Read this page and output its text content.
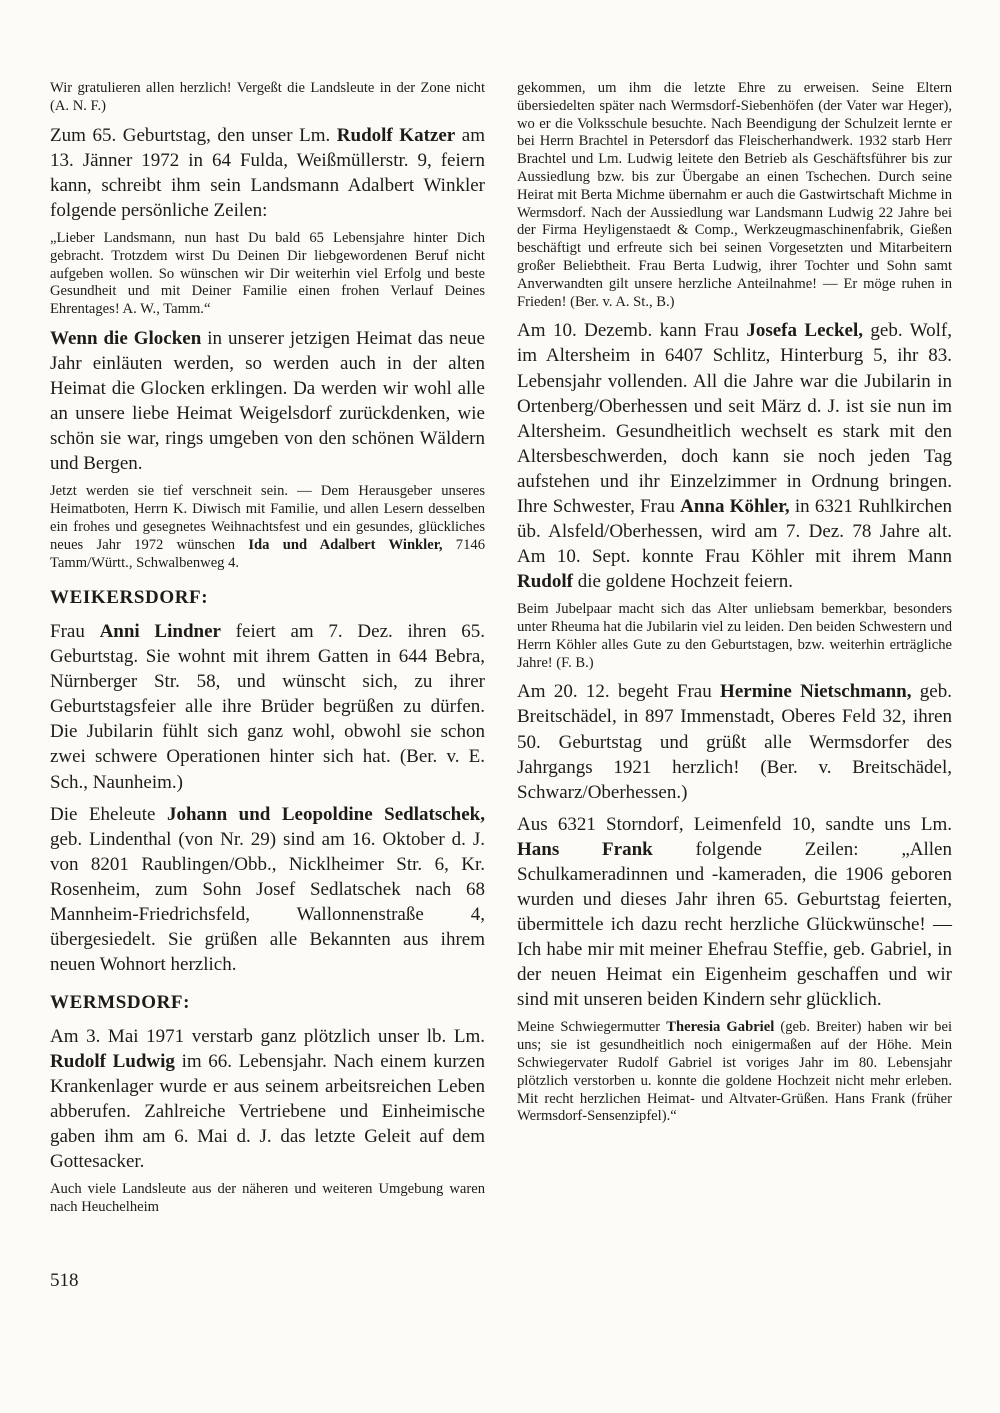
Wir gratulieren allen herzlich! Vergeßt die Landsleute in der Zone nicht (A. N. F.)

Zum 65. Geburtstag, den unser Lm. Rudolf Katzer am 13. Jänner 1972 in 64 Fulda, Weißmüllerstr. 9, feiern kann, schreibt ihm sein Landsmann Adalbert Winkler folgende persönliche Zeilen:

„Lieber Landsmann, nun hast Du bald 65 Lebensjahre hinter Dich gebracht. Trotzdem wirst Du Deinen Dir liebgewordenen Beruf nicht aufgeben wollen. So wünschen wir Dir weiterhin viel Erfolg und beste Gesundheit und mit Deiner Familie einen frohen Verlauf Deines Ehrentages! A. W., Tamm.“

Wenn die Glocken in unserer jetzigen Heimat das neue Jahr einläuten werden, so werden auch in der alten Heimat die Glocken erklingen. Da werden wir wohl alle an unsere liebe Heimat Weigelsdorf zurückdenken, wie schön sie war, rings umgeben von den schönen Wäldern und Bergen.

Jetzt werden sie tief verschneit sein. — Dem Herausgeber unseres Heimatboten, Herrn K. Diwisch mit Familie, und allen Lesern desselben ein frohes und gesegnetes Weihnachtsfest und ein gesundes, glückliches neues Jahr 1972 wünschen Ida und Adalbert Winkler, 7146 Tamm/Württ., Schwalbenweg 4.

WEIKERSDORF:

Frau Anni Lindner feiert am 7. Dez. ihren 65. Geburtstag. Sie wohnt mit ihrem Gatten in 644 Bebra, Nürnberger Str. 58, und wünscht sich, zu ihrer Geburtstagsfeier alle ihre Brüder begrüßen zu dürfen. Die Jubilarin fühlt sich ganz wohl, obwohl sie schon zwei schwere Operationen hinter sich hat. (Ber. v. E. Sch., Naunheim.)

Die Eheleute Johann und Leopoldine Sedlatschek, geb. Lindenthal (von Nr. 29) sind am 16. Oktober d. J. von 8201 Raublingen/Obb., Nicklheimer Str. 6, Kr. Rosenheim, zum Sohn Josef Sedlatschek nach 68 Mannheim-Friedrichsfeld, Wallonnenstraße 4, übergesiedelt. Sie grüßen alle Bekannten aus ihrem neuen Wohnort herzlich.

WERMSDORF:

Am 3. Mai 1971 verstarb ganz plötzlich unser lb. Lm. Rudolf Ludwig im 66. Lebensjahr. Nach einem kurzen Krankenlager wurde er aus seinem arbeitsreichen Leben abberufen. Zahlreiche Vertriebene und Einheimische gaben ihm am 6. Mai d. J. das letzte Geleit auf dem Gottesacker.

Auch viele Landsleute aus der näheren und weiteren Umgebung waren nach Heuchelheim

gekommen, um ihm die letzte Ehre zu erweisen. Seine Eltern übersiedelten später nach Wermsdorf-Siebenhöfen (der Vater war Heger), wo er die Volksschule besuchte. Nach Beendigung der Schulzeit lernte er bei Herrn Brachtel in Petersdorf das Fleischerhandwerk. 1932 starb Herr Brachtel und Lm. Ludwig leitete den Betrieb als Geschäftsführer bis zur Aussiedlung bzw. bis zur Übergabe an einen Tschechen. Durch seine Heirat mit Berta Michme übernahm er auch die Gastwirtschaft Michme in Wermsdorf. Nach der Aussiedlung war Landsmann Ludwig 22 Jahre bei der Firma Heyligenstaedt & Comp., Werkzeugmaschinenfabrik, Gießen beschäftigt und erfreute sich bei seinen Vorgesetzten und Mitarbeitern großer Beliebtheit. Frau Berta Ludwig, ihrer Tochter und Sohn samt Anverwandten gilt unsere herzliche Anteilnahme! — Er möge ruhen in Frieden! (Ber. v. A. St., B.)

Am 10. Dezemb. kann Frau Josefa Leckel, geb. Wolf, im Altersheim in 6407 Schlitz, Hinterburg 5, ihr 83. Lebensjahr vollenden. All die Jahre war die Jubilarin in Ortenberg/Oberhessen und seit März d. J. ist sie nun im Altersheim. Gesundheitlich wechselt es stark mit den Altersbeschwerden, doch kann sie noch jeden Tag aufstehen und ihr Einzelzimmer in Ordnung bringen. Ihre Schwester, Frau Anna Köhler, in 6321 Ruhlkirchen üb. Alsfeld/Oberhessen, wird am 7. Dez. 78 Jahre alt. Am 10. Sept. konnte Frau Köhler mit ihrem Mann Rudolf die goldene Hochzeit feiern.

Beim Jubelpaar macht sich das Alter unliebsam bemerkbar, besonders unter Rheuma hat die Jubilarin viel zu leiden. Den beiden Schwestern und Herrn Köhler alles Gute zu den Geburtstagen, bzw. weiterhin erträgliche Jahre! (F. B.)

Am 20. 12. begeht Frau Hermine Nietschmann, geb. Breitschädel, in 897 Immenstadt, Oberes Feld 32, ihren 50. Geburtstag und grüßt alle Wermsdorfer des Jahrgangs 1921 herzlich! (Ber. v. Breitschädel, Schwarz/Oberhessen.)

Aus 6321 Storndorf, Leimenfeld 10, sandte uns Lm. Hans Frank folgende Zeilen: „Allen Schulkameradinnen und -kameraden, die 1906 geboren wurden und dieses Jahr ihren 65. Geburtstag feierten, übermittele ich dazu recht herzliche Glückwünsche! — Ich habe mir mit meiner Ehefrau Steffie, geb. Gabriel, in der neuen Heimat ein Eigenheim geschaffen und wir sind mit unseren beiden Kindern sehr glücklich.

Meine Schwiegermutter Theresia Gabriel (geb. Breiter) haben wir bei uns; sie ist gesundheitlich noch einigermaßen auf der Höhe. Mein Schwiegervater Rudolf Gabriel ist voriges Jahr im 80. Lebensjahr plötzlich verstorben u. konnte die goldene Hochzeit nicht mehr erleben. Mit recht herzlichen Heimat- und Altvater-Grüßen. Hans Frank (früher Wermsdorf-Sensenzipfel).“

518
